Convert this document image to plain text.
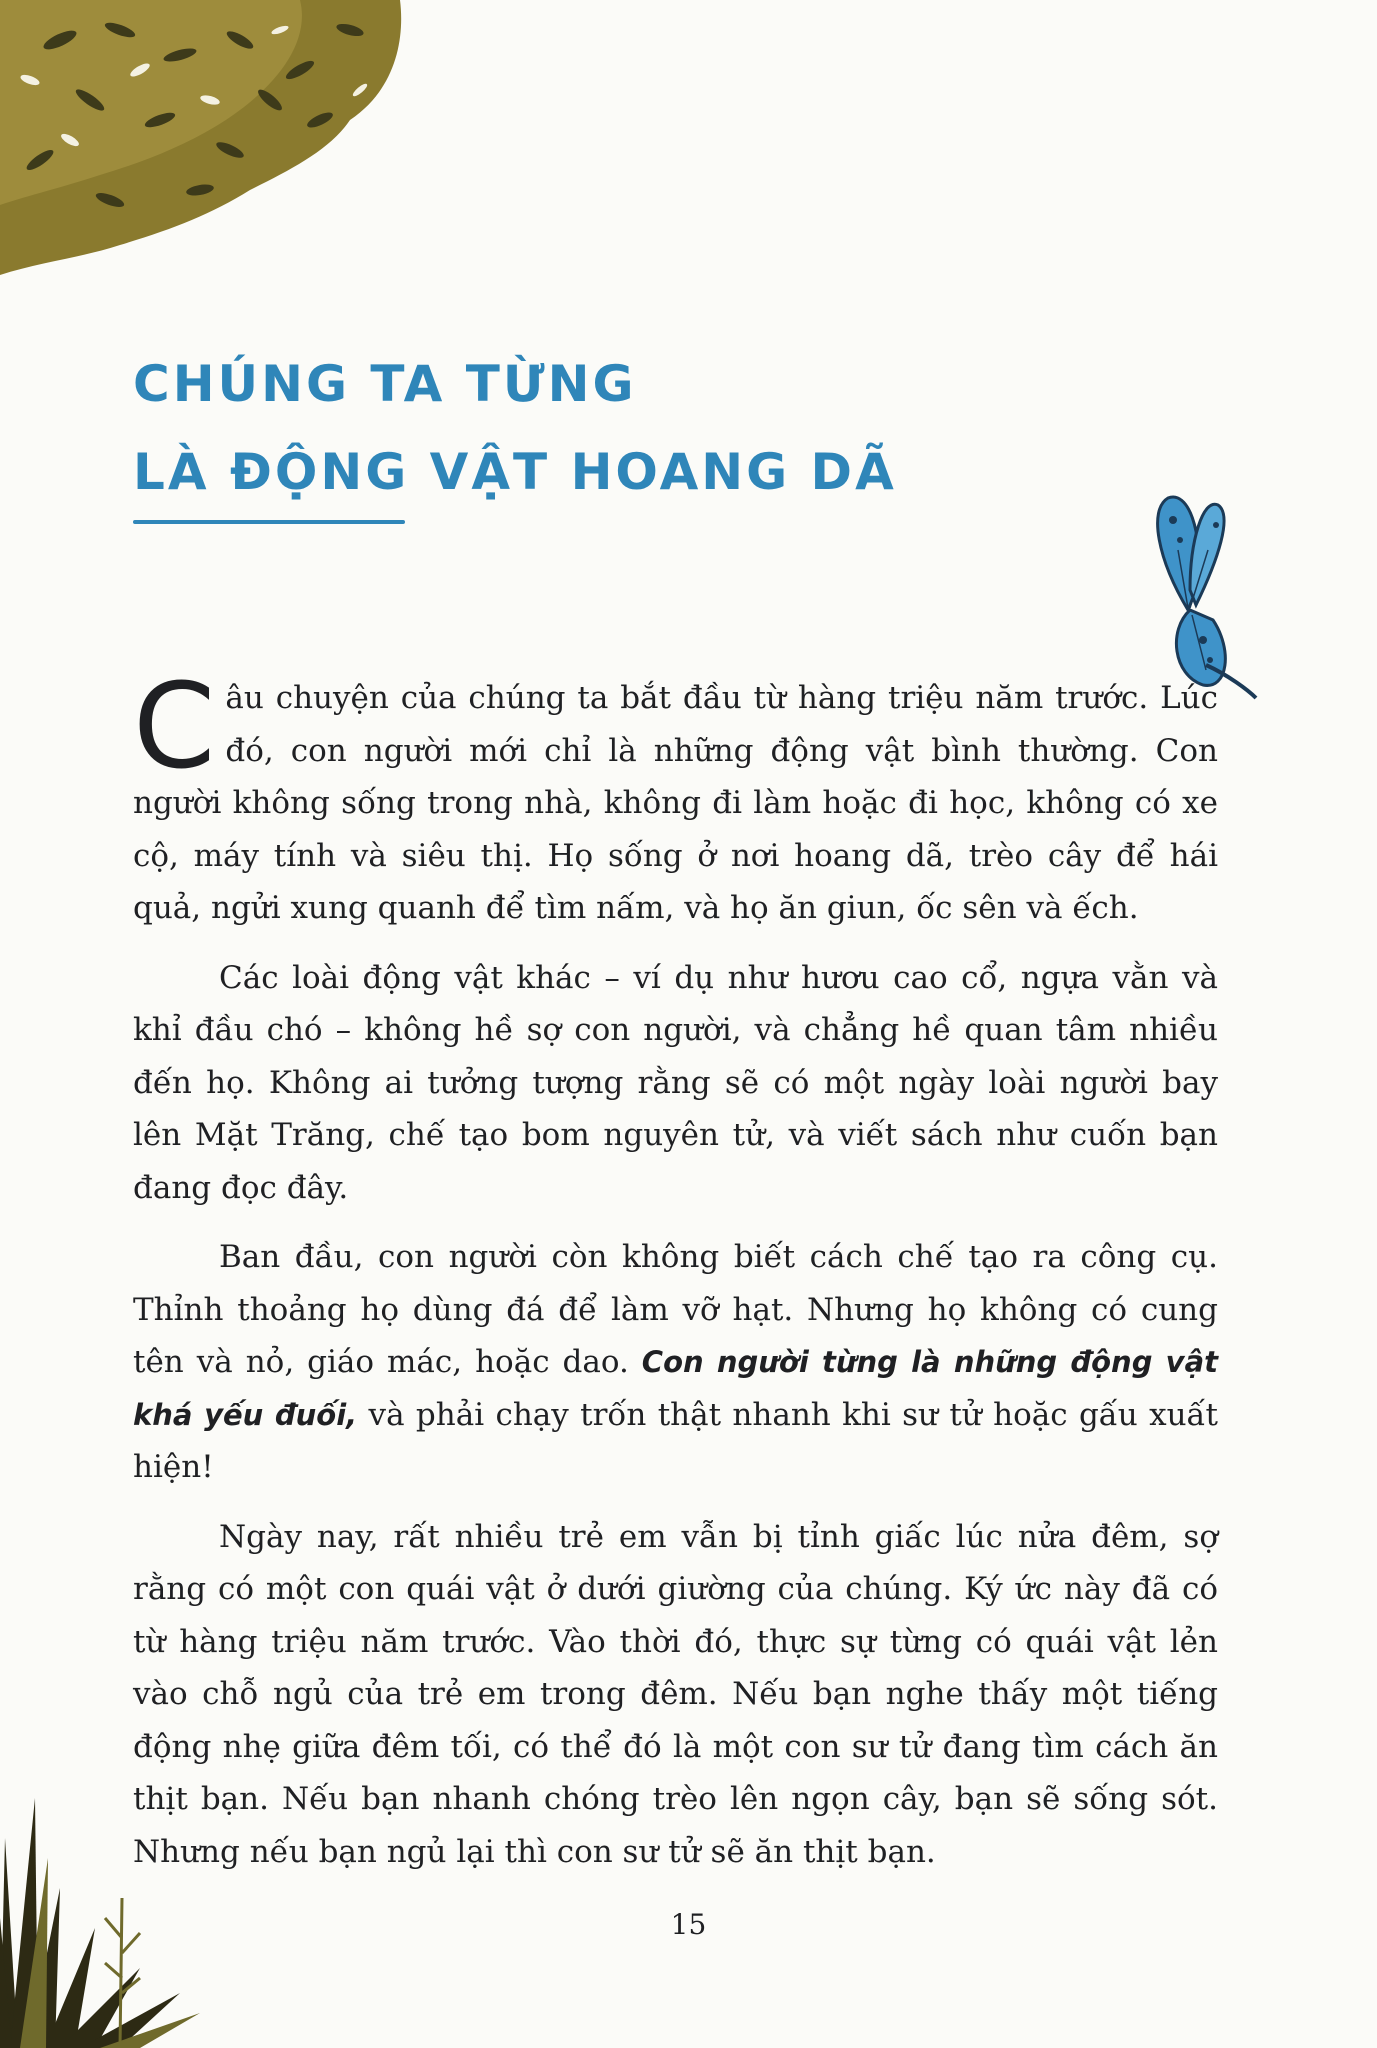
CHÚNG TA TỪNG
LÀ ĐỘNG VẬT HOANG DÃ

Câu chuyện của chúng ta bắt đầu từ hàng triệu năm trước. Lúc đó, con người mới chỉ là những động vật bình thường. Con người không sống trong nhà, không đi làm hoặc đi học, không có xe cộ, máy tính và siêu thị. Họ sống ở nơi hoang dã, trèo cây để hái quả, ngửi xung quanh để tìm nấm, và họ ăn giun, ốc sên và ếch.

Các loài động vật khác – ví dụ như hươu cao cổ, ngựa vằn và khỉ đầu chó – không hề sợ con người, và chẳng hề quan tâm nhiều đến họ. Không ai tưởng tượng rằng sẽ có một ngày loài người bay lên Mặt Trăng, chế tạo bom nguyên tử, và viết sách như cuốn bạn đang đọc đây.

Ban đầu, con người còn không biết cách chế tạo ra công cụ. Thỉnh thoảng họ dùng đá để làm vỡ hạt. Nhưng họ không có cung tên và nỏ, giáo mác, hoặc dao. Con người từng là những động vật khá yếu đuối, và phải chạy trốn thật nhanh khi sư tử hoặc gấu xuất hiện!

Ngày nay, rất nhiều trẻ em vẫn bị tỉnh giấc lúc nửa đêm, sợ rằng có một con quái vật ở dưới giường của chúng. Ký ức này đã có từ hàng triệu năm trước. Vào thời đó, thực sự từng có quái vật lẻn vào chỗ ngủ của trẻ em trong đêm. Nếu bạn nghe thấy một tiếng động nhẹ giữa đêm tối, có thể đó là một con sư tử đang tìm cách ăn thịt bạn. Nếu bạn nhanh chóng trèo lên ngọn cây, bạn sẽ sống sót. Nhưng nếu bạn ngủ lại thì con sư tử sẽ ăn thịt bạn.

15
